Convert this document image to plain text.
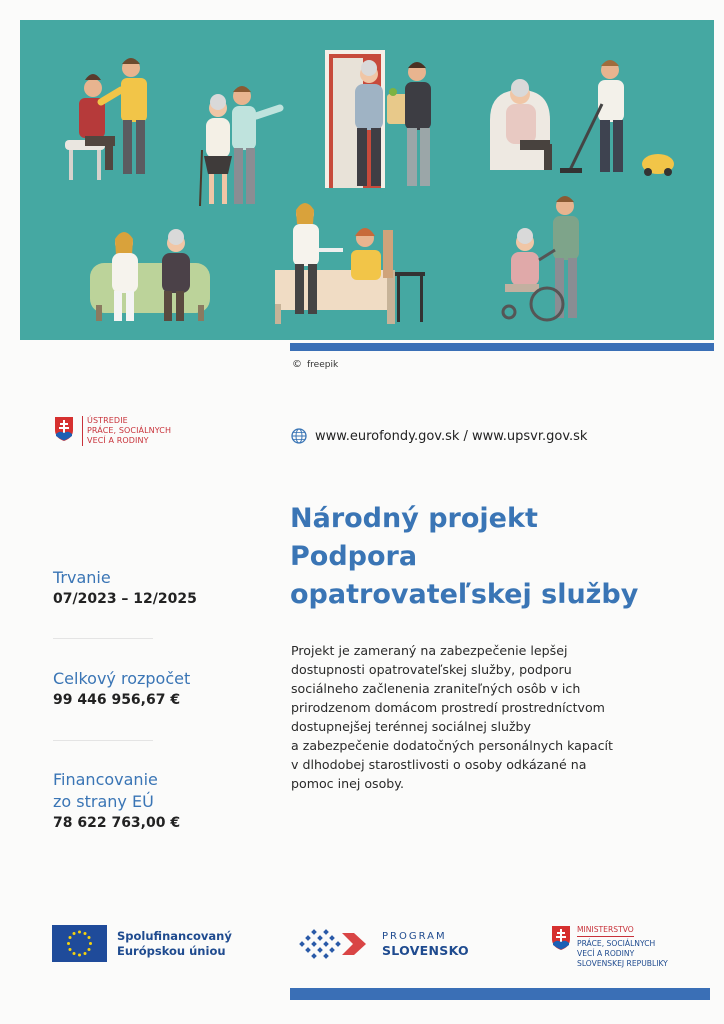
© freepik
ÚSTREDIE
PRÁCE, SOCIÁLNYCH
VECÍ A RODINY	www.eurofondy.gov.sk / www.upsvr.gov.sk
Národný projekt
Podpora
opatrovateľskej služby
Projekt je zameraný na zabezpečenie lepšej
dostupnosti opatrovateľskej služby, podporu
sociálneho začlenenia zraniteľných osôb v ich
prirodzenom domácom prostredí prostredníctvom
dostupnejšej terénnej sociálnej služby
a zabezpečenie dodatočných personálnych kapacít
v dlhodobej starostlivosti o osoby odkázané na
pomoc inej osoby.
Trvanie
07/2023 – 12/2025
Celkový rozpočet
99 446 956,67 €
Financovanie
zo strany EÚ
78 622 763,00 €
Spolufinancovaný
Európskou úniou
PROGRAM
SLOVENSKO
MINISTERSTVO
PRÁCE, SOCIÁLNYCH
VECÍ A RODINY
SLOVENSKEJ REPUBLIKY
